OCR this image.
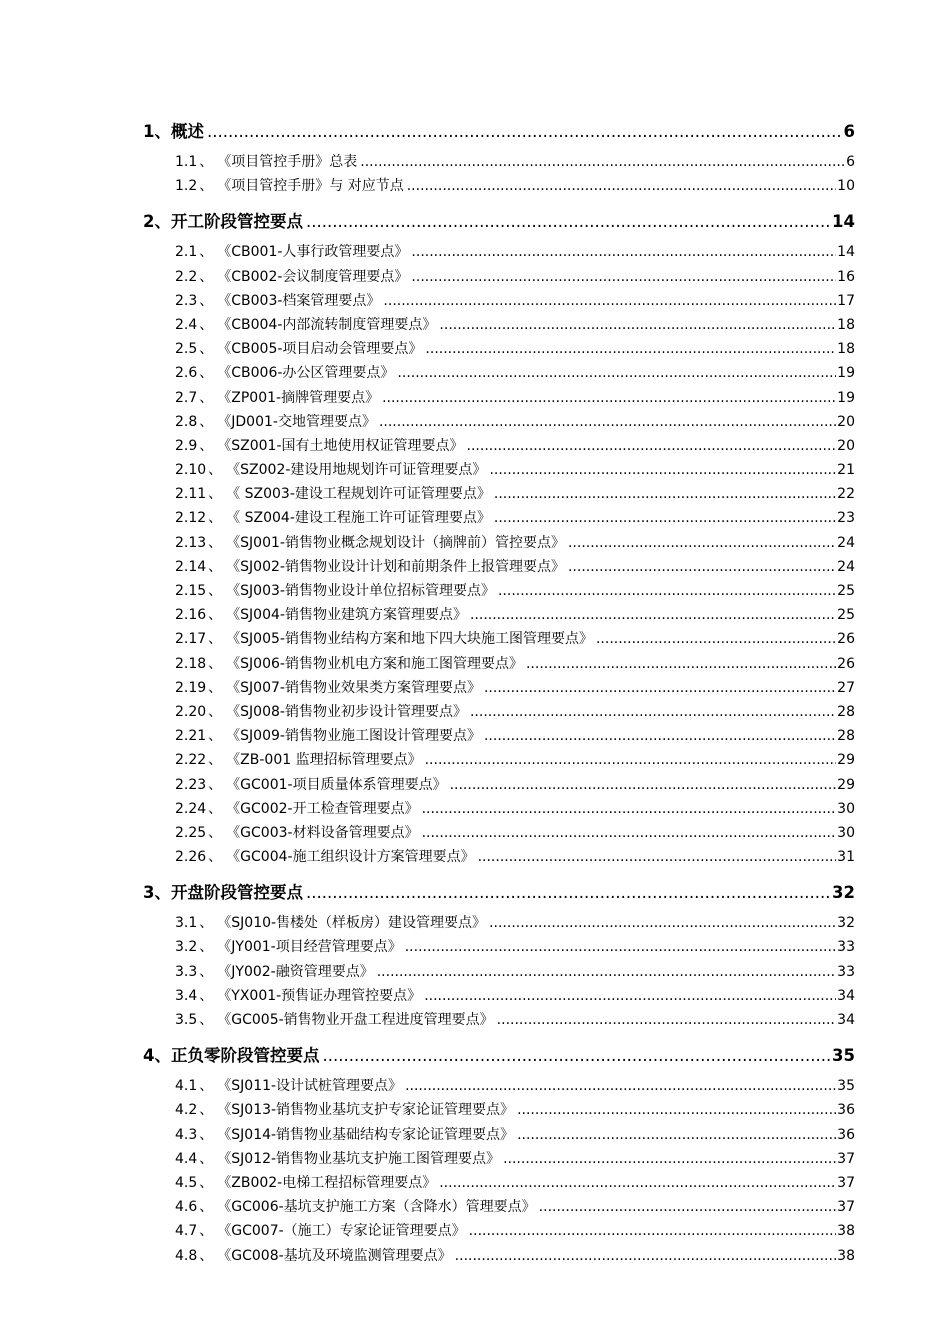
1 、 概述 .....	6
1.1 、 《项目管控手册》总表 .....	6
1.2 、 《项目管控手册》与 对应节点 .....	10
2 、 开工阶段管控要点 .....	14
2.1 、 《CB001-人事行政管理要点》 .....	14
2.2 、 《CB002-会议制度管理要点》 .....	16
2.3 、 《CB003-档案管理要点》 .....	17
2.4 、 《CB004-内部流转制度管理要点》 .....	18
2.5 、 《CB005-项目启动会管理要点》 .....	18
2.6 、 《CB006-办公区管理要点》 .....	19
2.7 、 《ZP001-摘牌管理要点》 .....	19
2.8 、 《JD001-交地管理要点》 .....	20
2.9 、 《SZ001-国有土地使用权证管理要点》 .....	20
2.10 、 《SZ002-建设用地规划许可证管理要点》 .....	21
2.11 、 《 SZ003-建设工程规划许可证管理要点》 .....	22
2.12 、 《 SZ004-建设工程施工许可证管理要点》 .....	23
2.13 、 《SJ001-销售物业概念规划设计（摘牌前）管控要点》 .....	24
2.14 、 《SJ002-销售物业设计计划和前期条件上报管理要点》 .....	24
2.15 、 《SJ003-销售物业设计单位招标管理要点》 .....	25
2.16 、 《SJ004-销售物业建筑方案管理要点》 .....	25
2.17 、 《SJ005-销售物业结构方案和地下四大块施工图管理要点》 .....	26
2.18 、 《SJ006-销售物业机电方案和施工图管理要点》 .....	26
2.19 、 《SJ007-销售物业效果类方案管理要点》 .....	27
2.20 、 《SJ008-销售物业初步设计管理要点》 .....	28
2.21 、 《SJ009-销售物业施工图设计管理要点》 .....	28
2.22 、 《ZB-001 监理招标管理要点》 .....	29
2.23 、 《GC001-项目质量体系管理要点》 .....	29
2.24 、 《GC002-开工检查管理要点》 .....	30
2.25 、 《GC003-材料设备管理要点》 .....	30
2.26 、 《GC004-施工组织设计方案管理要点》 .....	31
3 、 开盘阶段管控要点 .....	32
3.1 、 《SJ010-售楼处（样板房）建设管理要点》 .....	32
3.2 、 《JY001-项目经营管理要点》 .....	33
3.3 、 《JY002-融资管理要点》 .....	33
3.4 、 《YX001-预售证办理管控要点》 .....	34
3.5 、 《GC005-销售物业开盘工程进度管理要点》 .....	34
4 、 正负零阶段管控要点 .....	35
4.1 、 《SJ011-设计试桩管理要点》 .....	35
4.2 、 《SJ013-销售物业基坑支护专家论证管理要点》 .....	36
4.3 、 《SJ014-销售物业基础结构专家论证管理要点》 .....	36
4.4 、 《SJ012-销售物业基坑支护施工图管理要点》 .....	37
4.5 、 《ZB002-电梯工程招标管理要点》 .....	37
4.6 、 《GC006-基坑支护施工方案（含降水）管理要点》 .....	37
4.7 、 《GC007-（施工）专家论证管理要点》 .....	38
4.8 、 《GC008-基坑及环境监测管理要点》 .....	38
